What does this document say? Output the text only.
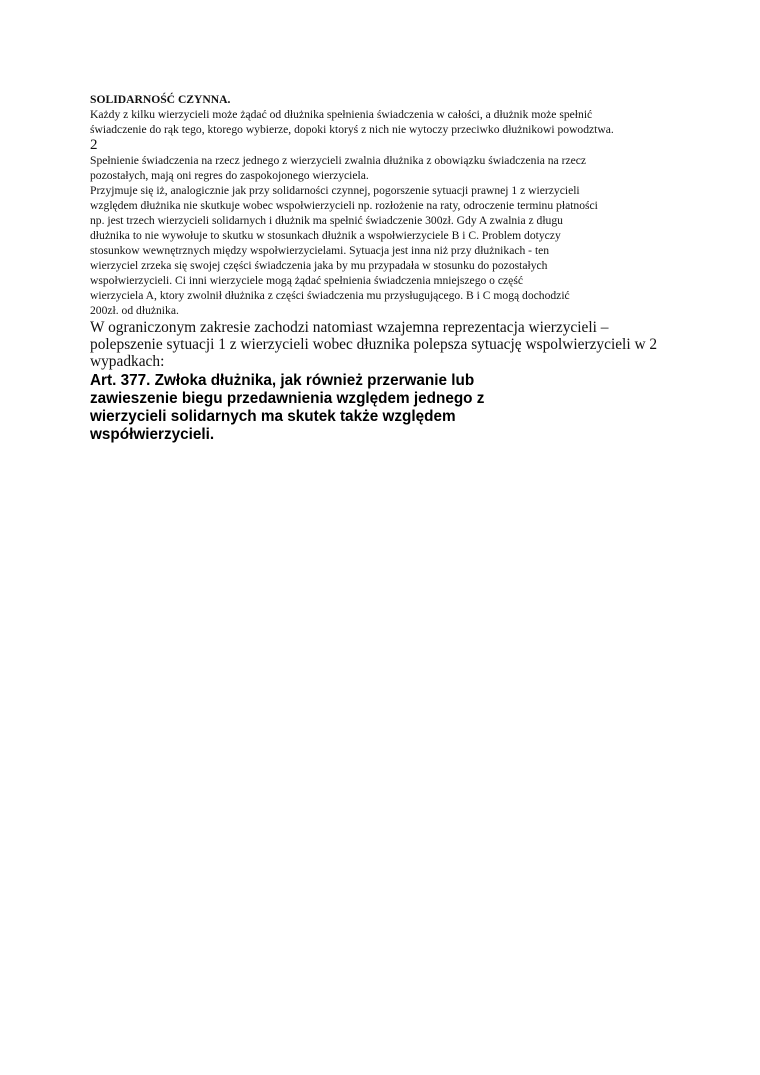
SOLIDARNOŚĆ CZYNNA.
Każdy z kilku wierzycieli może żądać od dłużnika spełnienia świadczenia w całości, a dłużnik może spełnić
świadczenie do rąk tego, ktorego wybierze, dopoki ktoryś z nich nie wytoczy przeciwko dłużnikowi powodztwa.
2
Spełnienie świadczenia na rzecz jednego z wierzycieli zwalnia dłużnika z obowiązku świadczenia na rzecz
pozostałych, mają oni regres do zaspokojonego wierzyciela.
Przyjmuje się iż, analogicznie jak przy solidarności czynnej, pogorszenie sytuacji prawnej 1 z wierzycieli
względem dłużnika nie skutkuje wobec wspołwierzycieli np. rozłożenie na raty, odroczenie terminu płatności
np. jest trzech wierzycieli solidarnych i dłużnik ma spełnić świadczenie 300zł. Gdy A zwalnia z długu
dłużnika to nie wywołuje to skutku w stosunkach dłużnik a wspołwierzyciele B i C. Problem dotyczy
stosunkow wewnętrznych między wspołwierzycielami. Sytuacja jest inna niż przy dłużnikach - ten
wierzyciel zrzeka się swojej części świadczenia jaka by mu przypadała w stosunku do pozostałych
wspołwierzycieli. Ci inni wierzyciele mogą żądać spełnienia świadczenia mniejszego o część
wierzyciela A, ktory zwolnił dłużnika z części świadczenia mu przysługującego. B i C mogą dochodzić
200zł. od dłużnika.
W ograniczonym zakresie zachodzi natomiast wzajemna reprezentacja wierzycieli –
polepszenie sytuacji 1 z wierzycieli wobec dłuznika polepsza sytuację wspolwierzycieli w 2
wypadkach:
Art. 377. Zwłoka dłużnika, jak również przerwanie lub
zawieszenie biegu przedawnienia względem jednego z
wierzycieli solidarnych ma skutek także względem
współwierzycieli.
